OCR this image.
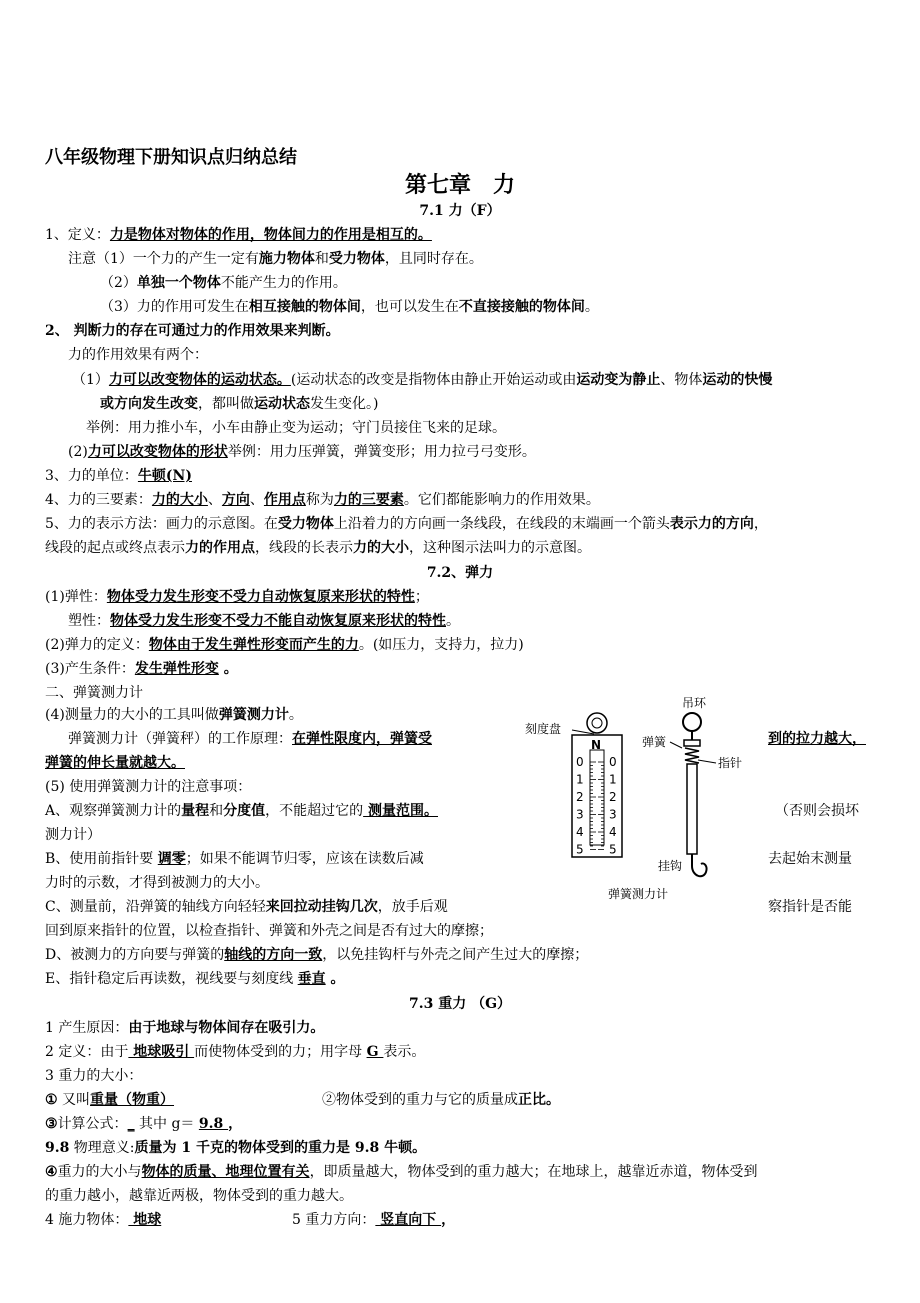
八年级物理下册知识点归纳总结
第七章　力
7.1 力（F）
1、定义：力是物体对物体的作用，物体间力的作用是相互的。
注意（1）一个力的产生一定有施力物体和受力物体，且同时存在。
（2）单独一个物体不能产生力的作用。
（3）力的作用可发生在相互接触的物体间，也可以发生在不直接接触的物体间。
2、 判断力的存在可通过力的作用效果来判断。
力的作用效果有两个：
（1）力可以改变物体的运动状态。(运动状态的改变是指物体由静止开始运动或由运动变为静止、物体运动的快慢
或方向发生改变，都叫做运动状态发生变化。)
举例：用力推小车，小车由静止变为运动；守门员接住飞来的足球。
(2)力可以改变物体的形状举例：用力压弹簧，弹簧变形；用力拉弓弓变形。
3、力的单位：牛顿(N)
4、力的三要素：力的大小、方向、作用点称为力的三要素。它们都能影响力的作用效果。
5、力的表示方法：画力的示意图。在受力物体上沿着力的方向画一条线段，在线段的末端画一个箭头表示力的方向，
线段的起点或终点表示力的作用点，线段的长表示力的大小，这种图示法叫力的示意图。
7.2、弹力
(1)弹性：物体受力发生形变不受力自动恢复原来形状的特性；
塑性：物体受力发生形变不受力不能自动恢复原来形状的特性。
(2)弹力的定义：物体由于发生弹性形变而产生的力。(如压力，支持力，拉力)
(3)产生条件：发生弹性形变 。
二、弹簧测力计
(4)测量力的大小的工具叫做弹簧测力计。
弹簧测力计（弹簧秤）的工作原理：在弹性限度内，弹簧受	到的拉力越大，
弹簧的伸长量就越大。
(5) 使用弹簧测力计的注意事项：
A、观察弹簧测力计的量程和分度值，不能超过它的 测量范围。	（否则会损坏
测力计）
B、使用前指针要 调零；如果不能调节归零，应该在读数后减	去起始末测量
力时的示数，才得到被测力的大小。
C、测量前，沿弹簧的轴线方向轻轻来回拉动挂钩几次，放手后观	察指针是否能
回到原来指针的位置，以检查指针、弹簧和外壳之间是否有过大的摩擦；
D、被测力的方向要与弹簧的轴线的方向一致，以免挂钩杆与外壳之间产生过大的摩擦；
E、指针稳定后再读数，视线要与刻度线 垂直 。
吊环
刻度盘
弹簧
指针
挂钩
弹簧测力计
N
0
1
2
3
4
5
0
1
2
3
4
5
7.3 重力 （G）
1 产生原因：由于地球与物体间存在吸引力。
2 定义：由于 地球吸引 而使物体受到的力；用字母 G 表示。
3 重力的大小：
① 又叫重量（物重）	②物体受到的重力与它的质量成正比。
③计算公式：_ 其中 g＝ 9.8 ，
9.8 物理意义:质量为 1 千克的物体受到的重力是 9.8 牛顿。
④重力的大小与物体的质量、地理位置有关，即质量越大，物体受到的重力越大；在地球上，越靠近赤道，物体受到
的重力越小，越靠近两极，物体受到的重力越大。
4 施力物体： 地球	5 重力方向： 竖直向下 ，
